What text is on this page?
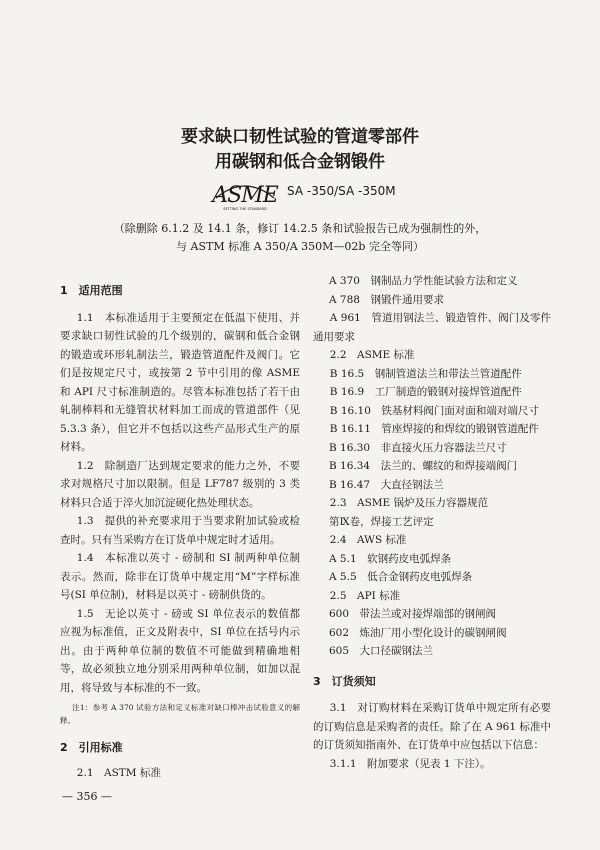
要求缺口韧性试验的管道零部件
用碳钢和低合金钢锻件
ASME
SETTING THE STANDARD
SA -350/SA -350M
（除删除 6.1.2 及 14.1 条，修订 14.2.5 条和试验报告已成为强制性的外，
与 ASTM 标准 A 350/A 350M—02b 完全等同）

1　适用范围

1.1　本标准适用于主要预定在低温下使用、并要求缺口韧性试验的几个级别的，碳钢和低合金钢的锻造或环形轧制法兰，锻造管道配件及阀门。它们是按规定尺寸，或按第 2 节中引用的像 ASME 和 API 尺寸标准制造的。尽管本标准包括了若干由轧制棒料和无缝管状材料加工而成的管道部件（见 5.3.3 条），但它并不包括以这些产品形式生产的原材料。

1.2　除制造厂达到规定要求的能力之外，不要求对规格尺寸加以限制。但是 LF787 级别的 3 类材料只合适于淬火加沉淀硬化热处理状态。

1.3　提供的补充要求用于当要求附加试验或检查时。只有当采购方在订货单中规定时才适用。

1.4　本标准以英寸 - 磅制和 SI 制两种单位制表示。然而，除非在订货单中规定用“M”字样标准号(SI 单位制)，材料是以英寸 - 磅制供货的。

1.5　无论以英寸 - 磅或 SI 单位表示的数值都应视为标准值，正文及附表中，SI 单位在括号内示出。由于两种单位制的数值不可能做到精确地相等，故必须独立地分别采用两种单位制，如加以混用，将导致与本标准的不一致。

注1：参考 A 370 试验方法和定义标准对缺口棒冲击试验意义的解释。

2　引用标准

2.1　ASTM 标准

— 356 —

A 370　钢制品力学性能试验方法和定义

A 788　钢锻件通用要求

A 961　管道用钢法兰、锻造管件、阀门及零件通用要求

2.2　ASME 标准

B 16.5　钢制管道法兰和带法兰管道配件

B 16.9　工厂制造的锻钢对接焊管道配件

B 16.10　铁基材料阀门面对面和端对端尺寸

B 16.11　管座焊接的和焊纹的锻钢管道配件

B 16.30　非直接火压力容器法兰尺寸

B 16.34　法兰的、螺纹的和焊接端阀门

B 16.47　大直径钢法兰

2.3　ASME 锅炉及压力容器规范

第Ⅸ卷，焊接工艺评定

2.4　AWS 标准

A 5.1　软钢药皮电弧焊条

A 5.5　低合金钢药皮电弧焊条

2.5　API 标准

600　带法兰或对接焊端部的钢闸阀

602　炼油厂用小型化设计的碳钢闸阀

605　大口径碳钢法兰

3　订货须知

3.1　对订购材料在采购订货单中规定所有必要的订购信息是采购者的责任。除了在 A 961 标准中的订货须知指南外、在订货单中应包括以下信息：

3.1.1　附加要求（见表 1 下注）。
